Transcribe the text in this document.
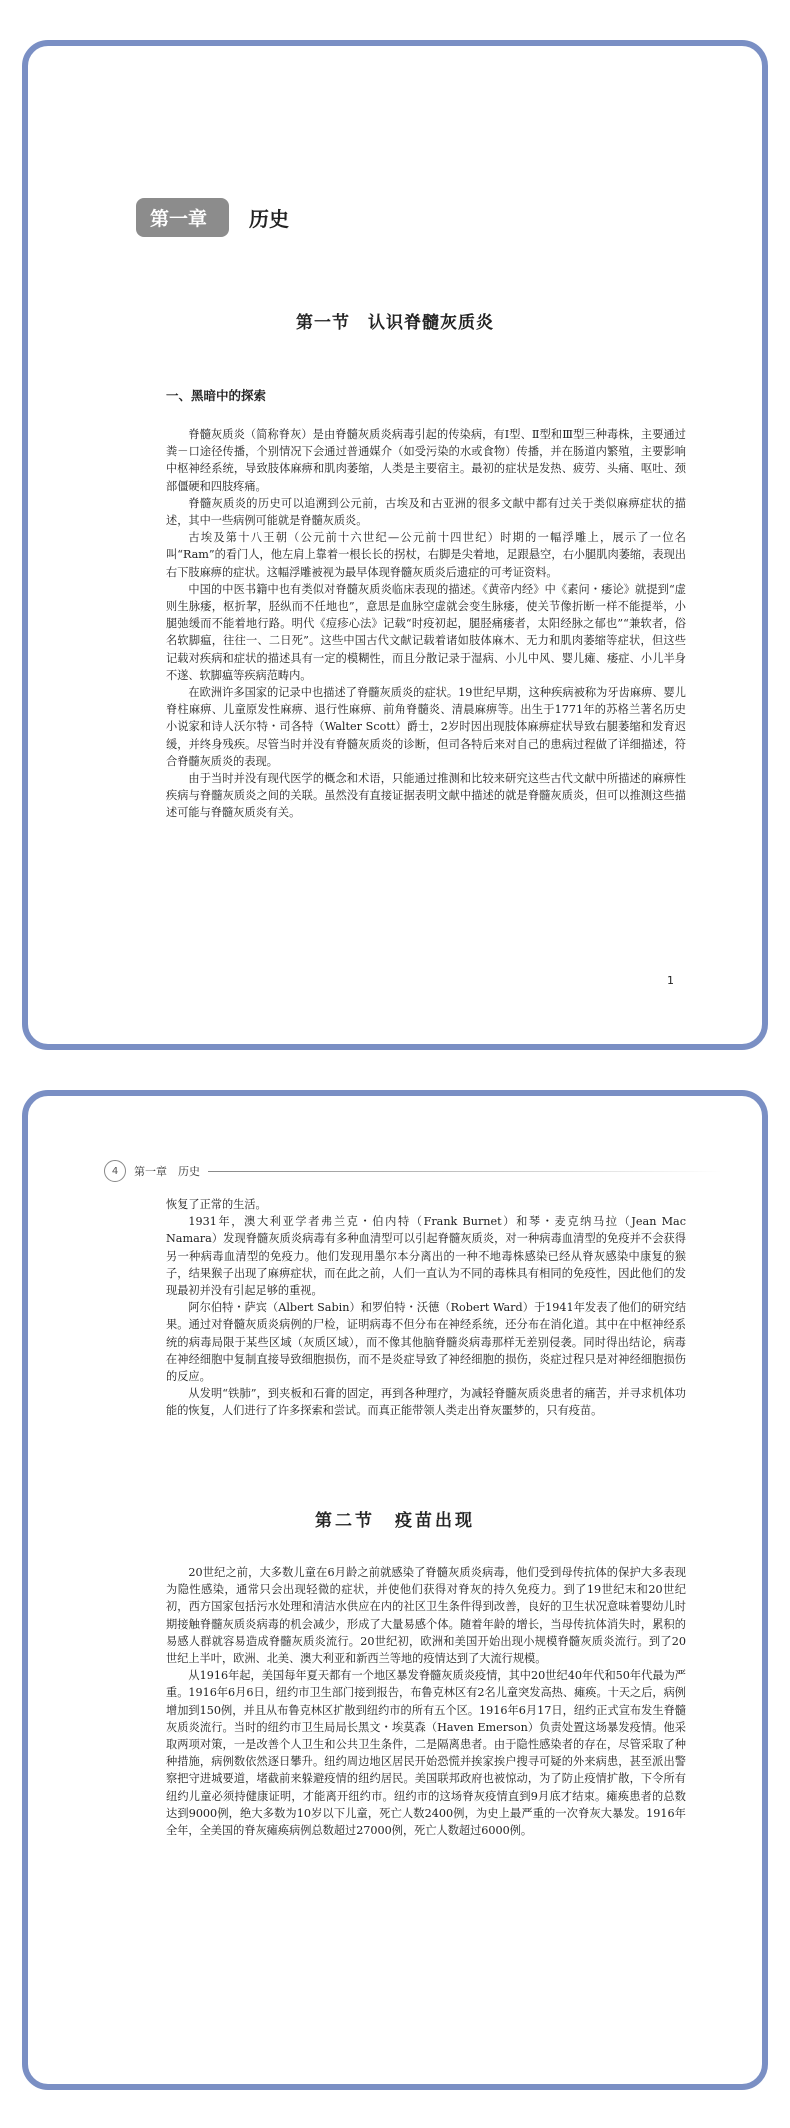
第一章	历史
第一节　认识脊髓灰质炎
一、黑暗中的探索

脊髓灰质炎（简称脊灰）是由脊髓灰质炎病毒引起的传染病，有Ⅰ型、Ⅱ型和Ⅲ型三种毒株，主要通过粪－口途径传播，个别情况下会通过普通媒介（如受污染的水或食物）传播，并在肠道内繁殖，主要影响中枢神经系统，导致肢体麻痹和肌肉萎缩，人类是主要宿主。最初的症状是发热、疲劳、头痛、呕吐、颈部僵硬和四肢疼痛。

脊髓灰质炎的历史可以追溯到公元前，古埃及和古亚洲的很多文献中都有过关于类似麻痹症状的描述，其中一些病例可能就是脊髓灰质炎。

古埃及第十八王朝（公元前十六世纪—公元前十四世纪）时期的一幅浮雕上，展示了一位名叫“Ram”的看门人，他左肩上靠着一根长长的拐杖，右脚是尖着地，足跟悬空，右小腿肌肉萎缩，表现出右下肢麻痹的症状。这幅浮雕被视为最早体现脊髓灰质炎后遗症的可考证资料。

中国的中医书籍中也有类似对脊髓灰质炎临床表现的描述。《黄帝内经》中《素问・痿论》就提到“虚则生脉痿，枢折挈，胫纵而不任地也”，意思是血脉空虚就会变生脉痿，使关节像折断一样不能提举，小腿弛缓而不能着地行路。明代《痘疹心法》记载“时疫初起，腿胫痛痿者，太阳经脉之郁也”“兼软者，俗名软脚瘟，往往一、二日死”。这些中国古代文献记载着诸如肢体麻木、无力和肌肉萎缩等症状，但这些记载对疾病和症状的描述具有一定的模糊性，而且分散记录于湿病、小儿中风、婴儿瘫、痿症、小儿半身不遂、软脚瘟等疾病范畴内。

在欧洲许多国家的记录中也描述了脊髓灰质炎的症状。19世纪早期，这种疾病被称为牙齿麻痹、婴儿脊柱麻痹、儿童原发性麻痹、退行性麻痹、前角脊髓炎、清晨麻痹等。出生于1771年的苏格兰著名历史小说家和诗人沃尔特・司各特（Walter Scott）爵士，2岁时因出现肢体麻痹症状导致右腿萎缩和发育迟缓，并终身残疾。尽管当时并没有脊髓灰质炎的诊断，但司各特后来对自己的患病过程做了详细描述，符合脊髓灰质炎的表现。

由于当时并没有现代医学的概念和术语，只能通过推测和比较来研究这些古代文献中所描述的麻痹性疾病与脊髓灰质炎之间的关联。虽然没有直接证据表明文献中描述的就是脊髓灰质炎，但可以推测这些描述可能与脊髓灰质炎有关。

1
4	第一章　历史

恢复了正常的生活。

1931年，澳大利亚学者弗兰克・伯内特（Frank Burnet）和琴・麦克纳马拉（Jean Mac Namara）发现脊髓灰质炎病毒有多种血清型可以引起脊髓灰质炎，对一种病毒血清型的免疫并不会获得另一种病毒血清型的免疫力。他们发现用墨尔本分离出的一种不地毒株感染已经从脊灰感染中康复的猴子，结果猴子出现了麻痹症状，而在此之前，人们一直认为不同的毒株具有相同的免疫性，因此他们的发现最初并没有引起足够的重视。

阿尔伯特・萨宾（Albert Sabin）和罗伯特・沃德（Robert Ward）于1941年发表了他们的研究结果。通过对脊髓灰质炎病例的尸检，证明病毒不但分布在神经系统，还分布在消化道。其中在中枢神经系统的病毒局限于某些区域（灰质区域），而不像其他脑脊髓炎病毒那样无差别侵袭。同时得出结论，病毒在神经细胞中复制直接导致细胞损伤，而不是炎症导致了神经细胞的损伤，炎症过程只是对神经细胞损伤的反应。

从发明“铁肺”，到夹板和石膏的固定，再到各种理疗，为减轻脊髓灰质炎患者的痛苦，并寻求机体功能的恢复，人们进行了许多探索和尝试。而真正能带领人类走出脊灰噩梦的，只有疫苗。

第二节　疫苗出现

20世纪之前，大多数儿童在6月龄之前就感染了脊髓灰质炎病毒，他们受到母传抗体的保护大多表现为隐性感染，通常只会出现轻微的症状，并使他们获得对脊灰的持久免疫力。到了19世纪末和20世纪初，西方国家包括污水处理和清洁水供应在内的社区卫生条件得到改善，良好的卫生状况意味着婴幼儿时期接触脊髓灰质炎病毒的机会减少，形成了大量易感个体。随着年龄的增长，当母传抗体消失时，累积的易感人群就容易造成脊髓灰质炎流行。20世纪初，欧洲和美国开始出现小规模脊髓灰质炎流行。到了20世纪上半叶，欧洲、北美、澳大利亚和新西兰等地的疫情达到了大流行规模。

从1916年起，美国每年夏天都有一个地区暴发脊髓灰质炎疫情，其中20世纪40年代和50年代最为严重。1916年6月6日，纽约市卫生部门接到报告，布鲁克林区有2名儿童突发高热、瘫痪。十天之后，病例增加到150例，并且从布鲁克林区扩散到纽约市的所有五个区。1916年6月17日，纽约正式宣布发生脊髓灰质炎流行。当时的纽约市卫生局局长黑文・埃莫森（Haven Emerson）负责处置这场暴发疫情。他采取两项对策，一是改善个人卫生和公共卫生条件，二是隔离患者。由于隐性感染者的存在，尽管采取了种种措施，病例数依然逐日攀升。纽约周边地区居民开始恐慌并挨家挨户搜寻可疑的外来病患，甚至派出警察把守进城要道，堵截前来躲避疫情的纽约居民。美国联邦政府也被惊动，为了防止疫情扩散，下令所有纽约儿童必须持健康证明，才能离开纽约市。纽约市的这场脊灰疫情直到9月底才结束。瘫痪患者的总数达到9000例，绝大多数为10岁以下儿童，死亡人数2400例，为史上最严重的一次脊灰大暴发。1916年全年，全美国的脊灰瘫痪病例总数超过27000例，死亡人数超过6000例。
